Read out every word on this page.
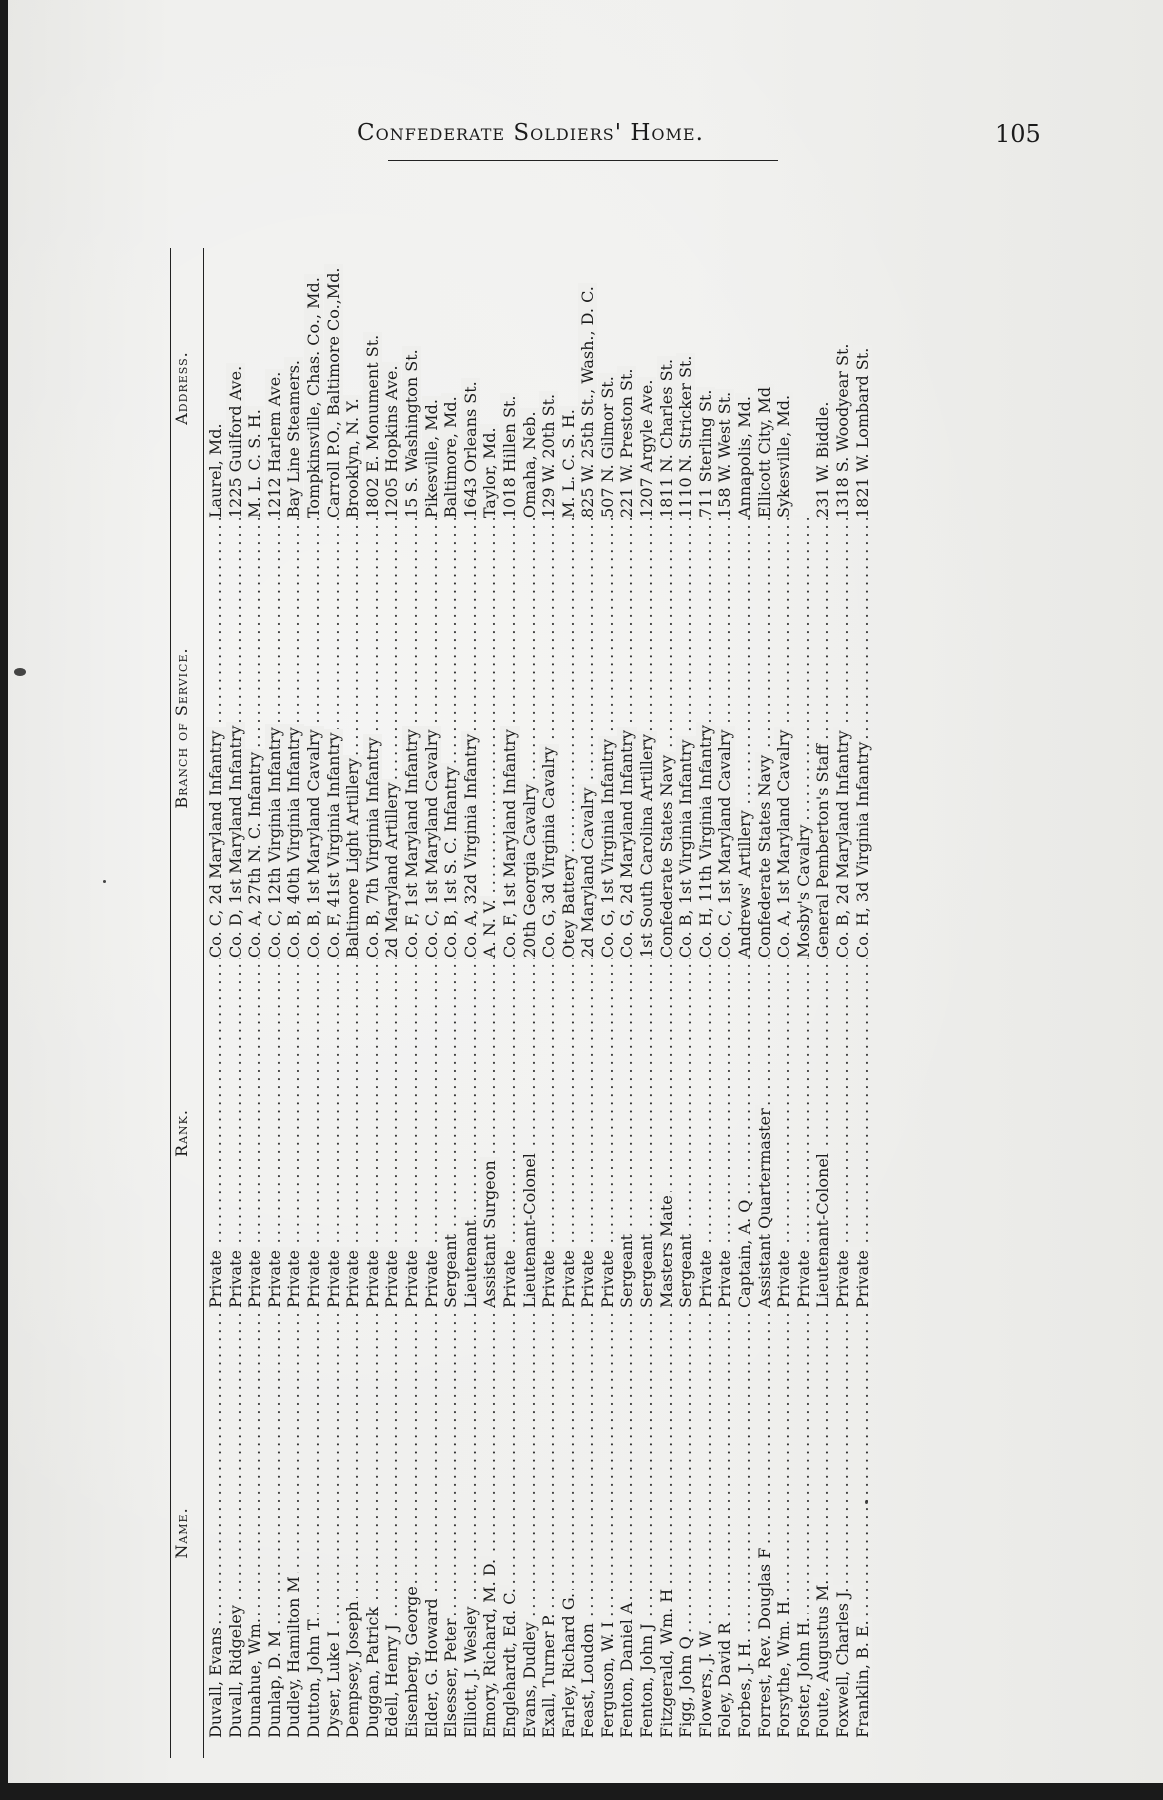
Confederate Soldiers' Home.	105
Name.
Rank.
Branch of Service.
Address.
Duvall, Evans .....
Private .....
Co. C, 2d Maryland Infantry .....
Laurel, Md.
Duvall, Ridgeley .....
Private .....
Co. D, 1st Maryland Infantry .....
1225 Guilford Ave.
Dunahue, Wm. .....
Private .....
Co. A, 27th N. C. Infantry .....
M. L. C. S. H.
Dunlap, D. M .....
Private .....
Co. C, 12th Virginia Infantry .....
1212 Harlem Ave.
Dudley, Hamilton M .....
Private .....
Co. B, 40th Virginia Infantry .....
Bay Line Steamers.
Dutton, John T. .....
Private .....
Co. B, 1st Maryland Cavalry .....
Tompkinsville, Chas. Co., Md.
Dyser, Luke I .....
Private .....
Co. F, 41st Virginia Infantry .....
Carroll P.O., Baltimore Co.,Md.
Dempsey, Joseph .....
Private .....
Baltimore Light Artillery .....
Brooklyn, N. Y.
Duggan, Patrick .....
Private .....
Co. B, 7th Virginia Infantry .....
1802 E. Monument St.
Edell, Henry J .....
Private .....
2d Maryland Artillery .....
1205 Hopkins Ave.
Eisenberg, George .....
Private .....
Co. F, 1st Maryland Infantry .....
15 S. Washington St.
Elder, G. Howard .....
Private .....
Co. C, 1st Maryland Cavalry .....
Pikesville, Md.
Elsesser, Peter .....
Sergeant .....
Co. B, 1st S. C. Infantry .....
Baltimore, Md.
Elliott, J. Wesley .....
Lieutenant .....
Co. A, 32d Virginia Infantry .....
1643 Orleans St.
Emory, Richard, M. D. .....
Assistant Surgeon .....
A. N. V. .....
Taylor, Md.
Englehardt, Ed. C. .....
Private .....
Co. F, 1st Maryland Infantry .....
1018 Hillen St.
Evans, Dudley .....
Lieutenant-Colonel .....
20th Georgia Cavalry .....
Omaha, Neb.
Exall, Turner P. .....
Private .....
Co. G, 3d Virginia Cavalry .....
129 W. 20th St.
Farley, Richard G. .....
Private .....
Otey Battery .....
M. L. C. S. H.
Feast, Loudon .....
Private .....
2d Maryland Cavalry .....
825 W. 25th St., Wash., D. C.
Ferguson, W. I .....
Private .....
Co. G, 1st Virginia Infantry .....
507 N. Gilmor St.
Fenton, Daniel A .....
Sergeant .....
Co. G, 2d Maryland Infantry .....
221 W. Preston St.
Fenton, John J .....
Sergeant .....
1st South Carolina Artillery .....
1207 Argyle Ave.
Fitzgerald, Wm. H .....
Masters Mate .....
Confederate States Navy .....
1811 N. Charles St.
Figg, John Q .....
Sergeant .....
Co. B, 1st Virginia Infantry .....
1110 N. Stricker St.
Flowers, J. W .....
Private .....
Co. H, 11th Virginia Infantry .....
711 Sterling St.
Foley, David R .....
Private .....
Co. C, 1st Maryland Cavalry .....
158 W. West St.
Forbes, J. H. .....
Captain, A. Q .....
Andrews' Artillery .....
Annapolis, Md.
Forrest, Rev. Douglas F .....
Assistant Quartermaster .....
Confederate States Navy .....
Ellicott City, Md
Forsythe, Wm. H. .....
Private .....
Co. A, 1st Maryland Cavalry .....
Sykesville, Md.
Foster, John H. .....
Private .....
Mosby's Cavalry .....
Foute, Augustus M. .....
Lieutenant-Colonel .....
General Pemberton's Staff .....
231 W. Biddle.
Foxwell, Charles J. .....
Private .....
Co. B, 2d Maryland Infantry .....
1318 S. Woodyear St.
Franklin, B. E. .....
Private .....
Co. H, 3d Virginia Infantry .....
1821 W. Lombard St.
